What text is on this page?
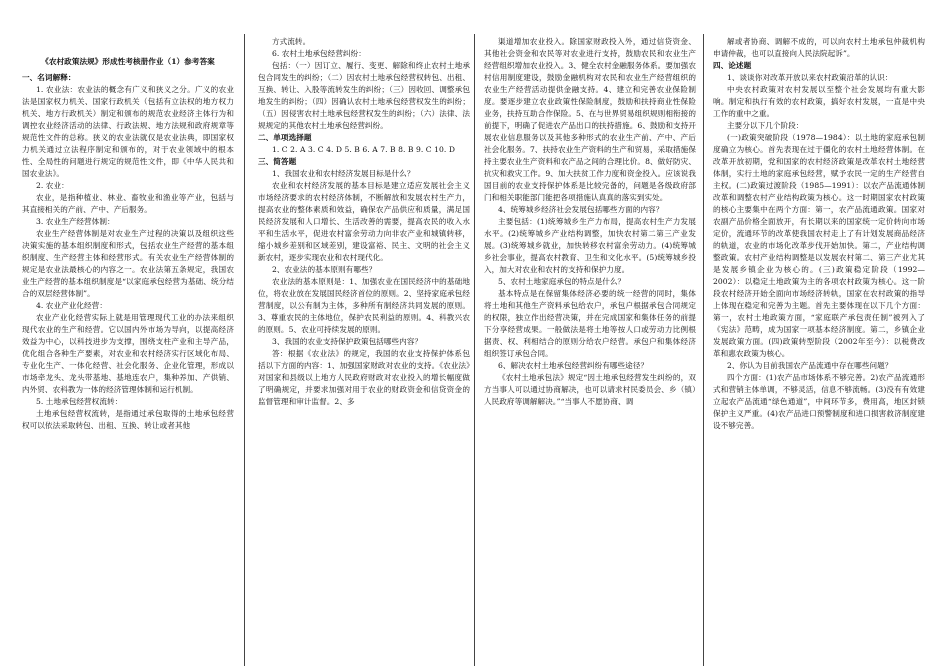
《农村政策法规》形成性考核册作业（1）参考答案

一、名词解释：

1. 农业法：农业法的概念有广义和狭义之分。广义的农业法是国家权力机关、国家行政机关（包括有立法权的地方权力机关、地方行政机关）制定和颁布的规范农业经济主体行为和调控农业经济活动的法律、行政法规、地方法规和政府规章等规范性文件的总称。狭义的农业法就仅是农业法典，即国家权力机关通过立法程序制定和颁布的，对于农业领域中的根本性、全局性的问题进行规定的规范性文件，即《中华人民共和国农业法》。

2. 农业：

农业，是指种植业、林业、畜牧业和渔业等产业，包括与其直接相关的产前、产中、产后服务。

3. 农业生产经营体制：

农业生产经营体制是对农业生产过程的决策以及组织这些决策实施的基本组织制度和形式，包括农业生产经营的基本组织制度、生产经营主体和经营形式。有关农业生产经营体制的规定是农业法最核心的内容之一。农业法第五条规定，我国农业生产经营的基本组织制度是“以家庭承包经营为基础、统分结合的双层经营体制”。

4. 农业产业化经营：

农业产业化经营实际上就是用管理现代工业的办法来组织现代农业的生产和经营。它以国内外市场为导向，以提高经济效益为中心，以科技进步为支撑，围绕支柱产业和主导产品，优化组合各种生产要素，对农业和农村经济实行区域化布局、专业化生产、一体化经营、社会化服务、企业化管理，形成以市场牵龙头、龙头带基地、基地连农户，集种养加、产供销、内外贸、农科教为一体的经济管理体制和运行机制。

5. 土地承包经营权流转：

土地承包经营权流转，是指通过承包取得的土地承包经营权可以依法采取转包、出租、互换、转让或者其他

方式流转。

6. 农村土地承包经营纠纷：

包括：（一）因订立、履行、变更、解除和终止农村土地承包合同发生的纠纷；（二）因农村土地承包经营权转包、出租、互换、转让、入股等流转发生的纠纷；（三）因收回、调整承包地发生的纠纷；（四）因确认农村土地承包经营权发生的纠纷；（五）因侵害农村土地承包经营权发生的纠纷；（六）法律、法规规定的其他农村土地承包经营纠纷。

二、单项选择题

1. C 2. A 3. C 4. D 5. B 6. A 7. B 8. B 9. C 10. D

三、简答题

1、我国农业和农村经济发展目标是什么？

农业和农村经济发展的基本目标是建立适应发展社会主义市场经济要求的农村经济体制，不断解放和发展农村生产力，提高农业的整体素质和效益，确保农产品供应和质量，满足国民经济发展和人口增长、生活改善的需要，提高农民的收入水平和生活水平，促进农村富余劳动力向非农产业和城镇转移，缩小城乡差别和区域差别，建设富裕、民主、文明的社会主义新农村，逐步实现农业和农村现代化。

2、农业法的基本原则有哪些？

农业法的基本原则是：1、加强农业在国民经济中的基础地位，将农业放在发展国民经济首位的原则。2、坚持家庭承包经营制度，以公有制为主体，多种所有制经济共同发展的原则。3、尊重农民的主体地位，保护农民利益的原则。4、科教兴农的原则。5、农业可持续发展的原则。

3、我国的农业支持保护政策包括哪些内容？

答：根据《农业法》的规定，我国的农业支持保护体系包括以下方面的内容：1、加强国家财政对农业的支持。《农业法》对国家和县级以上地方人民政府财政对农业投入的增长幅度做了明确规定，并要求加强对用于农业的财政资金和信贷资金的监督管理和审计监督。2、多

渠道增加农业投入。除国家财政投入外，通过信贷资金、其他社会资金和农民等对农业进行支持，鼓励农民和农业生产经营组织增加农业投入。3、健全农村金融服务体系。要加强农村信用制度建设，鼓励金融机构对农民和农业生产经营组织的农业生产经营活动提供金融支持。4、建立和完善农业保险制度。要逐步建立农业政策性保险制度，鼓励和扶持商业性保险业务，扶持互助合作保险。5、在与世界贸易组织规则相衔接的前提下，明确了促进农产品出口的扶持措施。6、鼓励和支持开展农业信息服务以及其他多种形式的农业生产前、产中、产后社会化服务。7、扶持农业生产资料的生产和贸易，采取措施保持主要农业生产资料和农产品之间的合理比价。8、做好防灾、抗灾和救灾工作。9、加大扶贫工作力度和资金投入。应该说我国目前的农业支持保护体系是比较完备的，问题是各级政府部门和相关职能部门能把各项措施认真真的落实到实处。

4、统筹城乡经济社会发展包括哪些方面的内容？

主要包括：(1)统筹城乡生产力布局，提高农村生产力发展水平。(2)统筹城乡产业结构调整，加快农村第二第三产业发展。(3)统筹城乡就业，加快转移农村富余劳动力。(4)统筹城乡社会事业，提高农村教育、卫生和文化水平。(5)统筹城乡投入，加大对农业和农村的支持和保护力度。

5、农村土地家庭承包的特点是什么？

基本特点是在保留集体经济必要的统一经营的同时，集体将土地和其他生产资料承包给农户，承包户根据承包合同规定的权限，独立作出经营决策，并在完成国家和集体任务的前提下分享经营成果。一般做法是将土地等按人口或劳动力比例根据责、权、利相结合的原则分给农户经营。承包户和集体经济组织签订承包合同。

6、解决农村土地承包经营纠纷有哪些途径？

《农村土地承包法》规定“因土地承包经营发生纠纷的，双方当事人可以通过协商解决，也可以请求村民委员会、乡（镇）人民政府等调解解决。”“当事人不愿协商、调

解或者协商、调解不成的，可以向农村土地承包仲裁机构申请仲裁，也可以直接向人民法院起诉”。

四、论述题

1、谈谈你对改革开放以来农村政策沿革的认识：

中央农村政策对农村发展以至整个社会发展均有重大影响。制定和执行有效的农村政策，搞好农村发展，一直是中央工作的重中之重。

主要分以下几个阶段：

(一)政策突破阶段（1978—1984）：以土地的家庭承包制度确立为核心。首先表现在过于僵化的农村土地经营体制。在改革开放初期，党和国家的农村经济政策是改革农村土地经营体制，实行土地的家庭承包经营，赋予农民一定的生产经营自主权。(二)政策过渡阶段（1985—1991）：以农产品流通体制改革和调整农村产业结构政策为核心。这一时期国家农村政策的核心主要集中在两个方面：第一，农产品流通政策。国家对农副产品价格全面放开，有长期以来的国家统一定价转向市场定价，流通环节的改革使我国农村走上了有计划发展商品经济的轨道，农业的市场化改革步伐开始加快。第二，产业结构调整政策。农村产业结构调整是以发展农村第二、第三产业尤其是发展乡镇企业为核心的。(三)政策稳定阶段（1992—2002）：以稳定土地政策为主的各项农村政策为核心。这一阶段农村经济开始全面向市场经济转轨，国家在农村政策的指导上体现在稳定和完善为主题。首先主要体现在以下几个方面：第一，农村土地政策方面，“家庭联产承包责任制”被列入了《宪法》范畴，成为国家一项基本经济制度。第二，乡镇企业发展政策方面。(四)政策转型阶段（2002年至今）：以税费改革和惠农政策为核心。

2、你认为目前我国农产品流通中存在哪些问题？

四个方面：(1)农产品市场体系不够完善。2)农产品流通形式和营销主体单调，不够灵活，信息不够流畅。(3)没有有效建立起农产品流通“绿色通道”，中间环节多，费用高，地区封锁保护主义严重。(4)农产品进口预警制度和进口损害救济制度建设不够完善。
